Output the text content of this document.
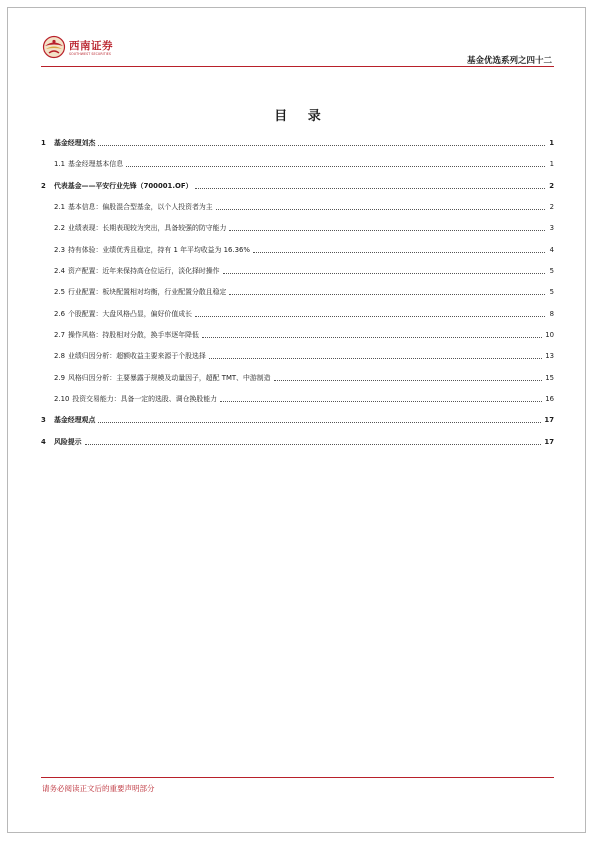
西南证券
SOUTHWEST SECURITIES
基金优选系列之四十二
目 录
1	基金经理刘杰	1
1.1 基金经理基本信息	1
2	代表基金——平安行业先锋（700001.OF）	2
2.1 基本信息：偏股混合型基金，以个人投资者为主	2
2.2 业绩表现：长期表现较为突出，具备较强的防守能力	3
2.3 持有体验：业绩优秀且稳定，持有 1 年平均收益为 16.36%	4
2.4 资产配置：近年来保持高仓位运行，淡化择时操作	5
2.5 行业配置：板块配置相对均衡，行业配置分散且稳定	5
2.6 个股配置：大盘风格凸显，偏好价值成长	8
2.7 操作风格：持股相对分散，换手率逐年降低	10
2.8 业绩归因分析：超额收益主要来源于个股选择	13
2.9 风格归因分析：主要暴露于规模及动量因子，超配 TMT、中游制造	15
2.10 投资交易能力：具备一定的选股、调仓换股能力	16
3	基金经理观点	17
4	风险提示	17
请务必阅读正文后的重要声明部分
